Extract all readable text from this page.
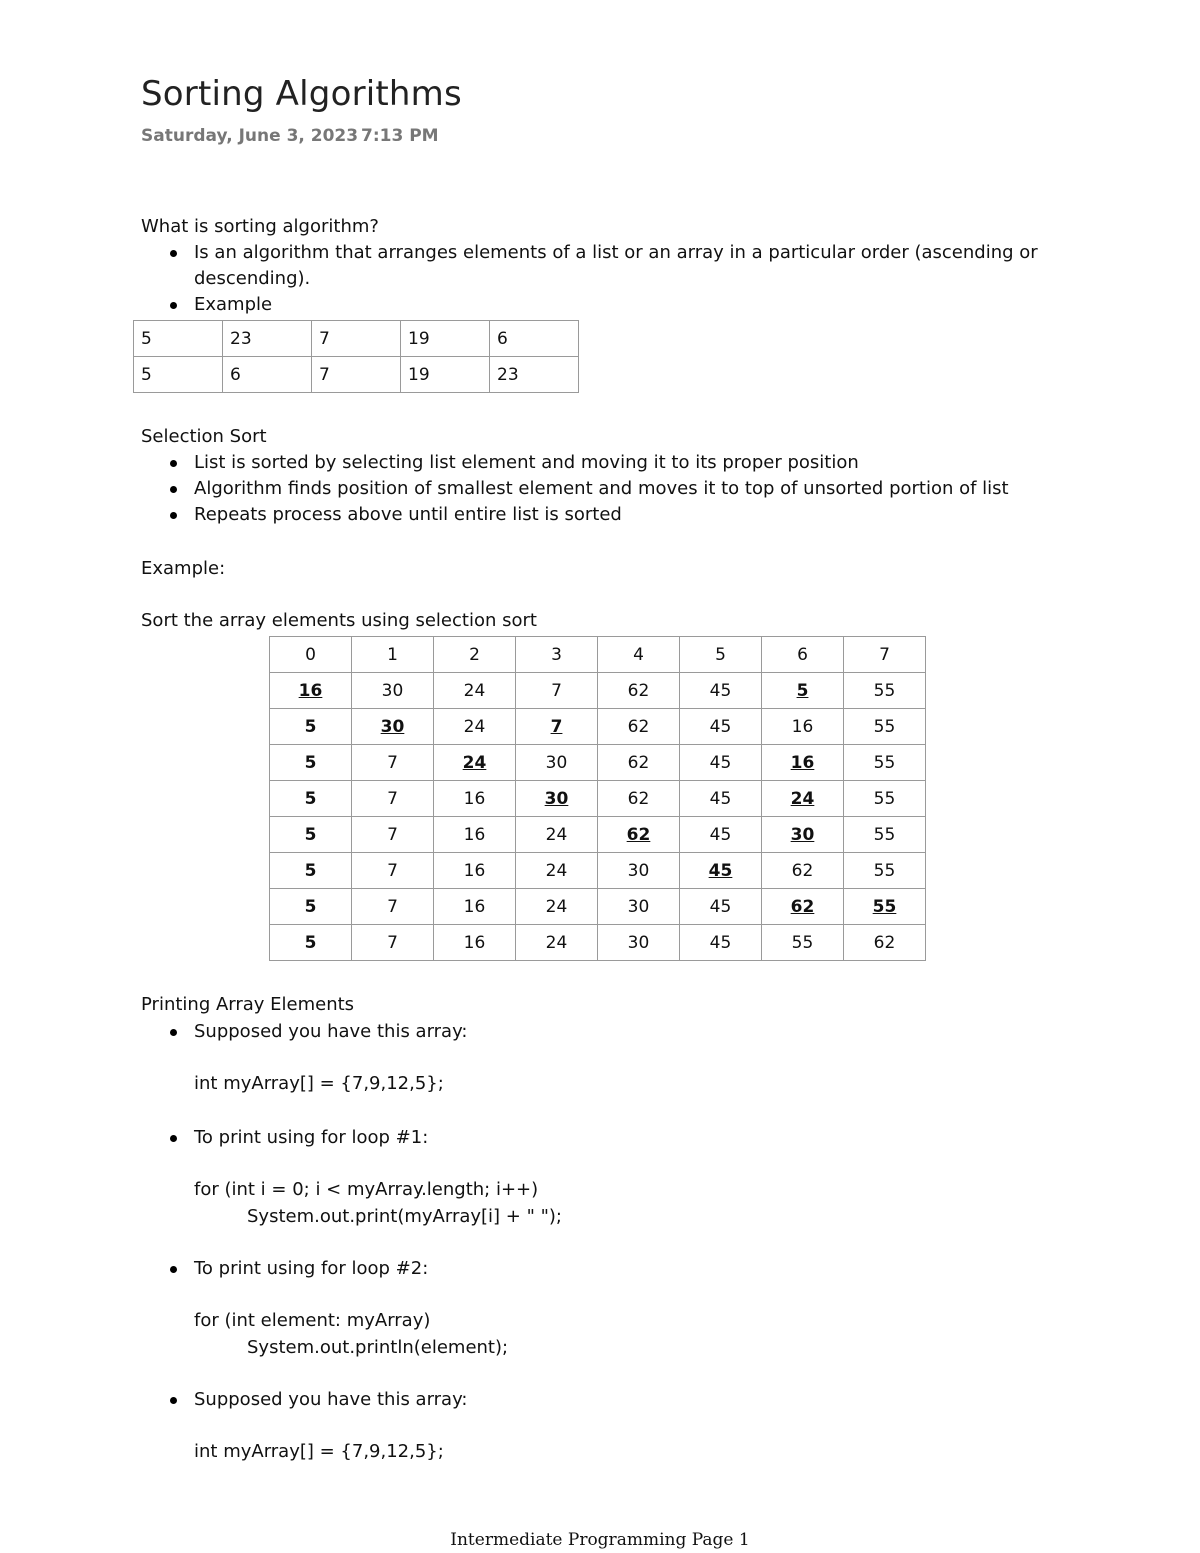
Sorting Algorithms
Saturday, June 3, 2023 7:13 PM
What is sorting algorithm?
Is an algorithm that arranges elements of a list or an array in a particular order (ascending or
descending).
Example
5	23	7	19	6
5	6	7	19	23
Selection Sort
List is sorted by selecting list element and moving it to its proper position
Algorithm finds position of smallest element and moves it to top of unsorted portion of list
Repeats process above until entire list is sorted
Example:
Sort the array elements using selection sort
0	1	2	3	4	5	6	7
16	30	24	7	62	45	5	55
5	30	24	7	62	45	16	55
5	7	24	30	62	45	16	55
5	7	16	30	62	45	24	55
5	7	16	24	62	45	30	55
5	7	16	24	30	45	62	55
5	7	16	24	30	45	62	55
5	7	16	24	30	45	55	62
Printing Array Elements
Supposed you have this array:
int myArray[] = {7,9,12,5};
To print using for loop #1:
for (int i = 0; i < myArray.length; i++)
System.out.print(myArray[i] + " ");
To print using for loop #2:
for (int element: myArray)
System.out.println(element);
Supposed you have this array:
int myArray[] = {7,9,12,5};
Intermediate Programming Page 1
